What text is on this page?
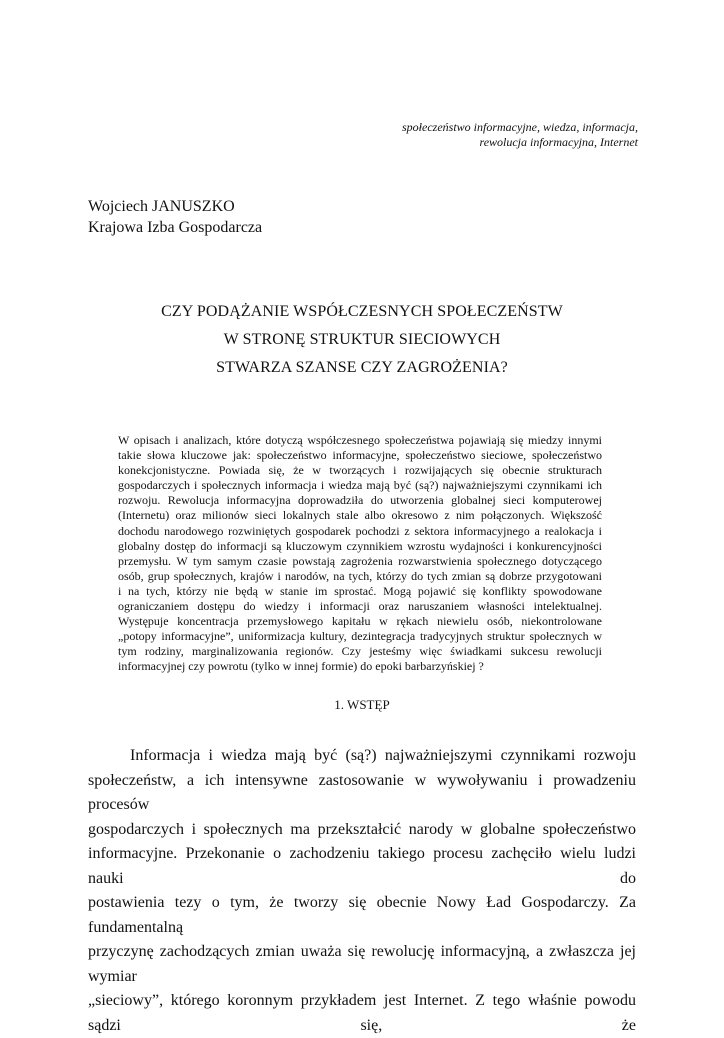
społeczeństwo informacyjne, wiedza, informacja,
rewolucja informacyjna, Internet
Wojciech JANUSZKO
Krajowa Izba Gospodarcza
CZY PODĄŻANIE WSPÓŁCZESNYCH SPOŁECZEŃSTW
W STRONĘ STRUKTUR SIECIOWYCH
STWARZA SZANSE CZY ZAGROŻENIA?
W opisach i analizach, które dotyczą współczesnego społeczeństwa pojawiają się miedzy innymi
takie słowa kluczowe jak: społeczeństwo informacyjne, społeczeństwo sieciowe, społeczeństwo
konekcjonistyczne. Powiada się, że w tworzących i rozwijających się obecnie strukturach
gospodarczych i społecznych informacja i wiedza mają być (są?) najważniejszymi czynnikami ich
rozwoju. Rewolucja informacyjna doprowadziła do utworzenia globalnej sieci komputerowej
(Internetu) oraz milionów sieci lokalnych stale albo okresowo z nim połączonych. Większość
dochodu narodowego rozwiniętych gospodarek pochodzi z sektora informacyjnego a realokacja i
globalny dostęp do informacji są kluczowym czynnikiem wzrostu wydajności i konkurencyjności
przemysłu. W tym samym czasie powstają zagrożenia rozwarstwienia społecznego dotyczącego
osób, grup społecznych, krajów i narodów, na tych, którzy do tych zmian są dobrze przygotowani
i na tych, którzy nie będą w stanie im sprostać. Mogą pojawić się konflikty spowodowane
ograniczaniem dostępu do wiedzy i informacji oraz naruszaniem własności intelektualnej.
Występuje koncentracja przemysłowego kapitału w rękach niewielu osób, niekontrolowane
„potopy informacyjne”, uniformizacja kultury, dezintegracja tradycyjnych struktur społecznych w
tym rodziny, marginalizowania regionów. Czy jesteśmy więc świadkami sukcesu rewolucji
informacyjnej czy powrotu (tylko w innej formie) do epoki barbarzyńskiej ?
1. WSTĘP
Informacja i wiedza mają być (są?) najważniejszymi czynnikami rozwoju
społeczeństw, a ich intensywne zastosowanie w wywoływaniu i prowadzeniu procesów
gospodarczych i społecznych ma przekształcić narody w globalne społeczeństwo
informacyjne. Przekonanie o zachodzeniu takiego procesu zachęciło wielu ludzi nauki do
postawienia tezy o tym, że tworzy się obecnie Nowy Ład Gospodarczy. Za fundamentalną
przyczynę zachodzących zmian uważa się rewolucję informacyjną, a zwłaszcza jej wymiar
„sieciowy”, którego koronnym przykładem jest Internet. Z tego właśnie powodu sądzi się, że
